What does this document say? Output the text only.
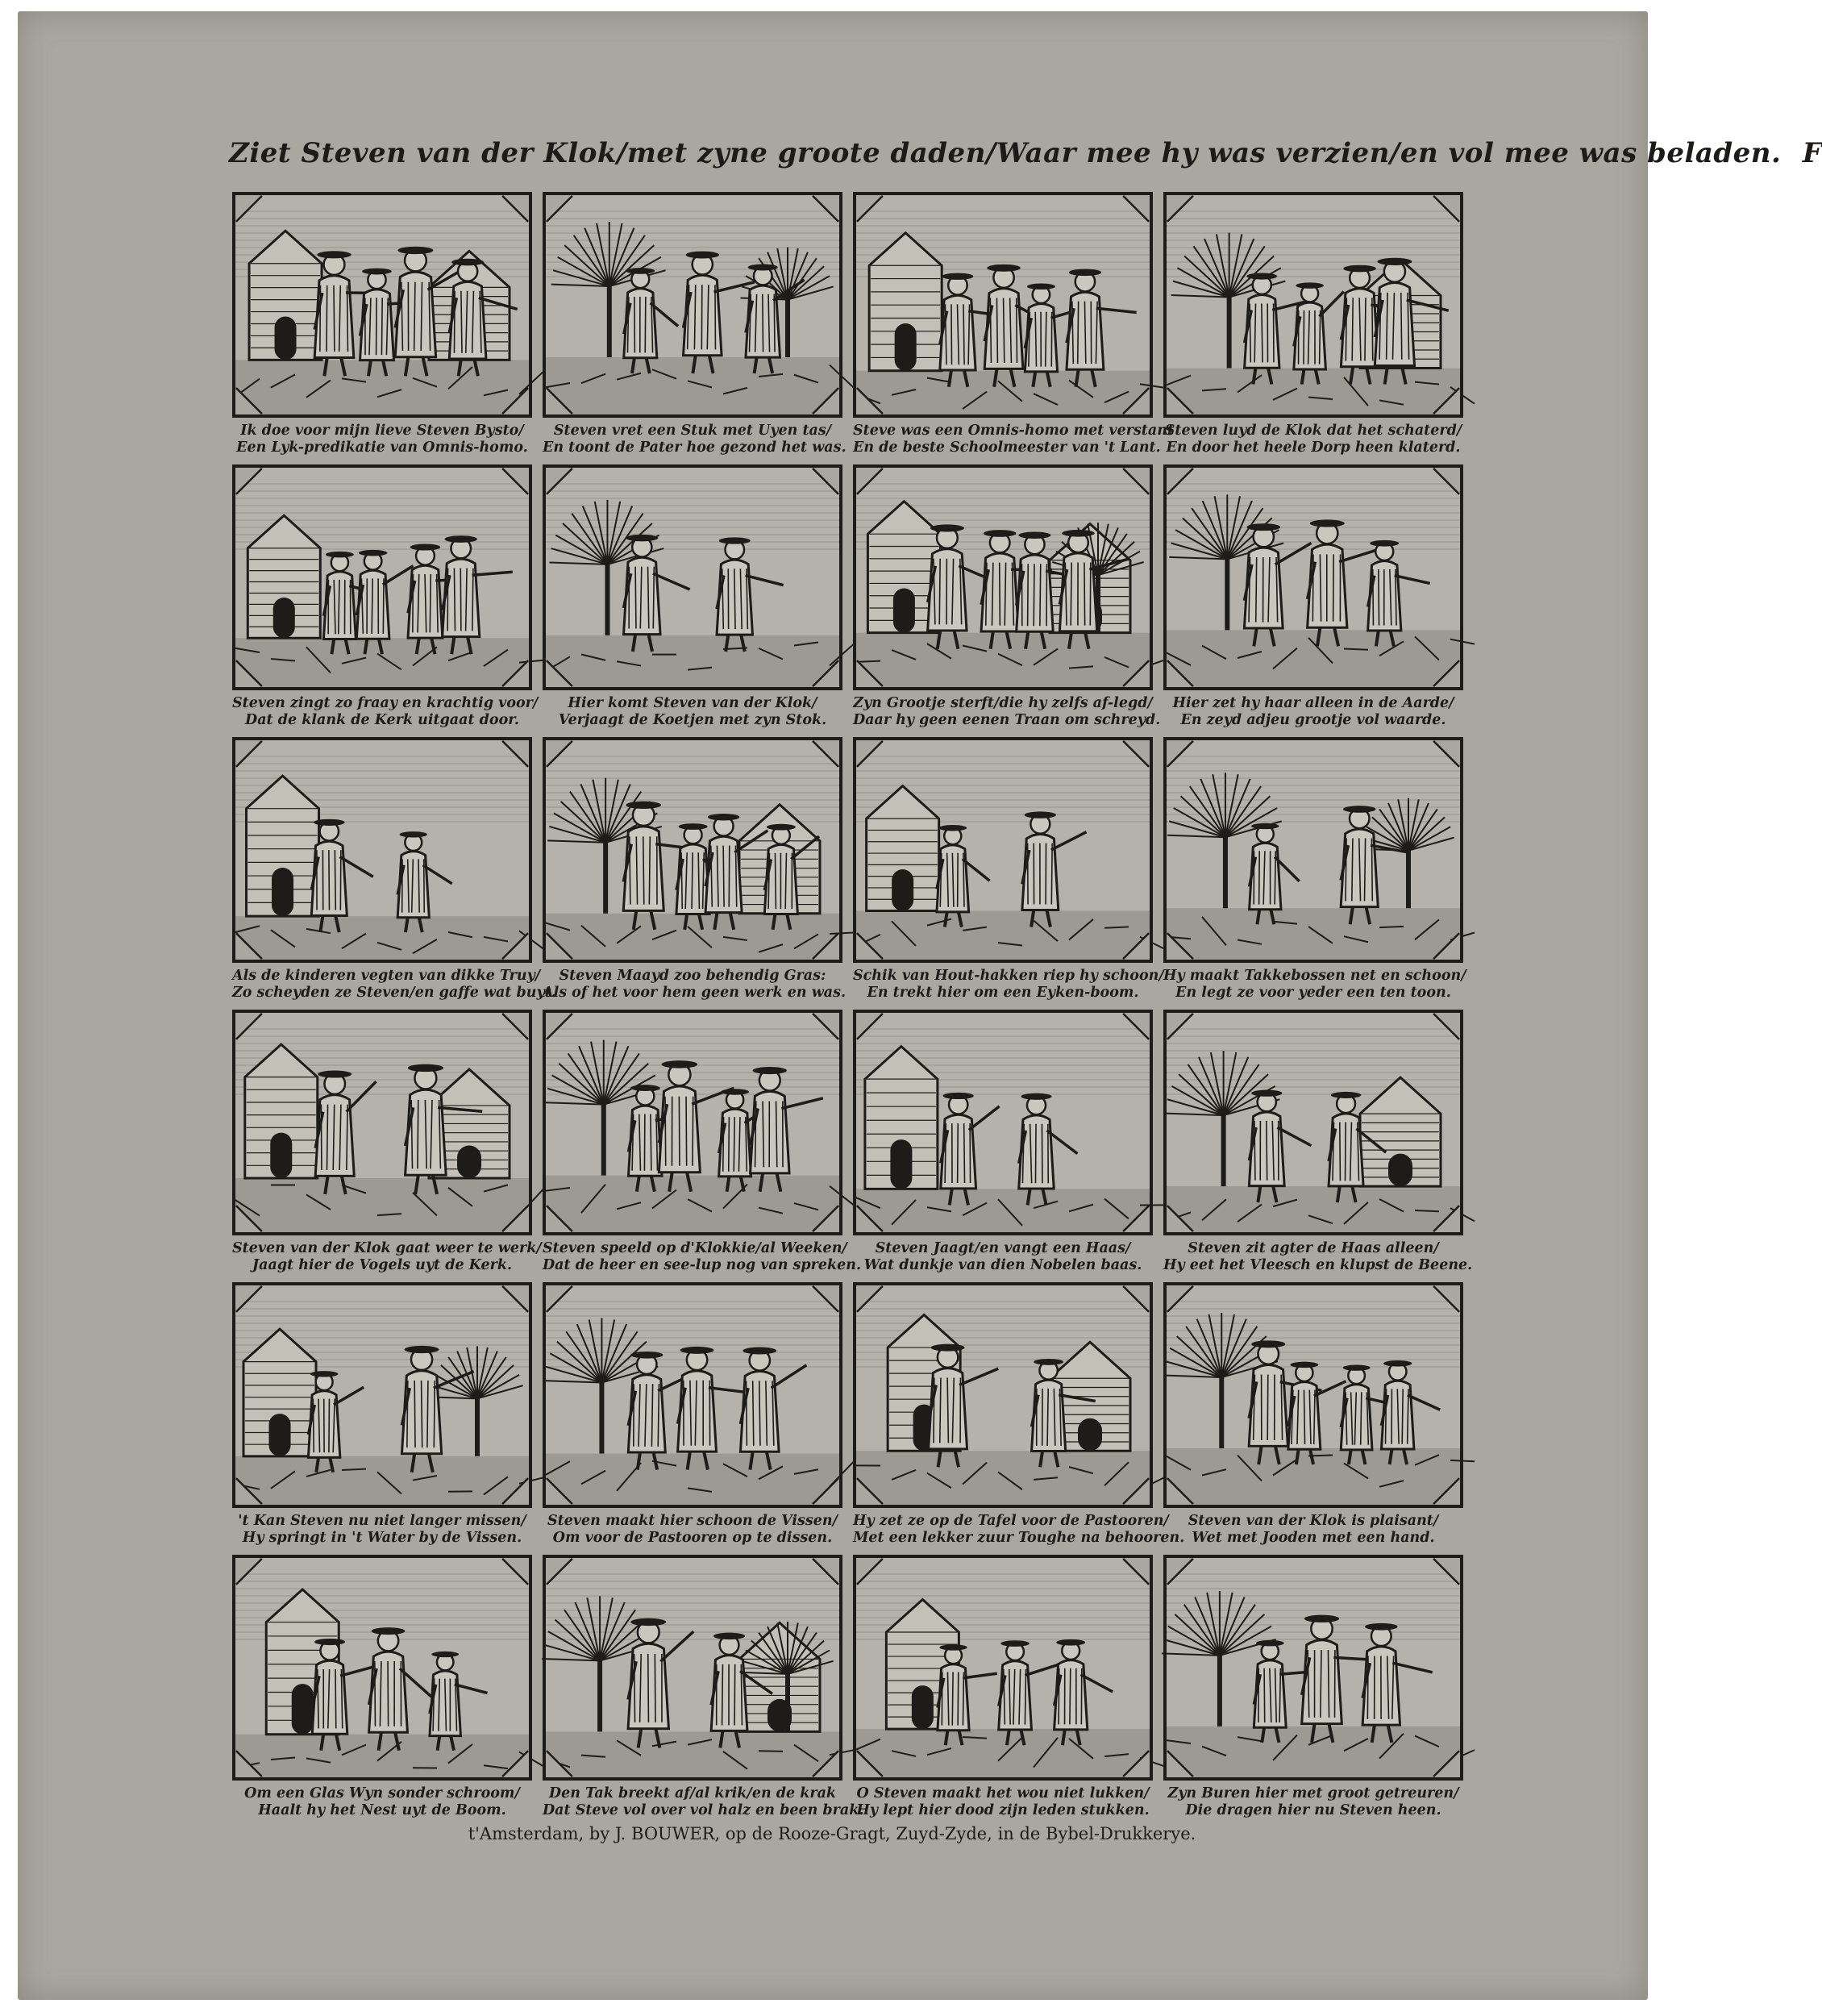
Ziet Steven van der Klok/met zyne groote daden/Waar mee hy was verzien/en vol mee was beladen. F
Ik doe voor mijn lieve Steven Bysto/
Een Lyk-predikatie van Omnis-homo.
Steven vret een Stuk met Uyen tas/
En toont de Pater hoe gezond het was.
Steve was een Omnis-homo met verstant
En de beste Schoolmeester van 't Lant.
Steven luyd de Klok dat het schaterd/
En door het heele Dorp heen klaterd.
Steven zingt zo fraay en krachtig voor/
Dat de klank de Kerk uitgaat door.
Hier komt Steven van der Klok/
Verjaagt de Koetjen met zyn Stok.
Zyn Grootje sterft/die hy zelfs af-legd/
Daar hy geen eenen Traan om schreyd.
Hier zet hy haar alleen in de Aarde/
En zeyd adjeu grootje vol waarde.
Als de kinderen vegten van dikke Truy/
Zo scheyden ze Steven/en gaffe wat buyt.
Steven Maayd zoo behendig Gras:
Als of het voor hem geen werk en was.
Schik van Hout-hakken riep hy schoon/
En trekt hier om een Eyken-boom.
Hy maakt Takkebossen net en schoon/
En legt ze voor yeder een ten toon.
Steven van der Klok gaat weer te werk/
Jaagt hier de Vogels uyt de Kerk.
Steven speeld op d'Klokkie/al Weeken/
Dat de heer en see-lup nog van spreken.
Steven Jaagt/en vangt een Haas/
Wat dunkje van dien Nobelen baas.
Steven zit agter de Haas alleen/
Hy eet het Vleesch en klupst de Beene.
't Kan Steven nu niet langer missen/
Hy springt in 't Water by de Vissen.
Steven maakt hier schoon de Vissen/
Om voor de Pastooren op te dissen.
Hy zet ze op de Tafel voor de Pastooren/
Met een lekker zuur Toughe na behooren.
Steven van der Klok is plaisant/
Wet met Jooden met een hand.
Om een Glas Wyn sonder schroom/
Haalt hy het Nest uyt de Boom.
Den Tak breekt af/al krik/en de krak
Dat Steve vol over vol halz en been brak.
O Steven maakt het wou niet lukken/
Hy lept hier dood zijn leden stukken.
Zyn Buren hier met groot getreuren/
Die dragen hier nu Steven heen.
t'Amsterdam, by J. BOUWER, op de Rooze-Gragt, Zuyd-Zyde, in de Bybel-Drukkerye.
